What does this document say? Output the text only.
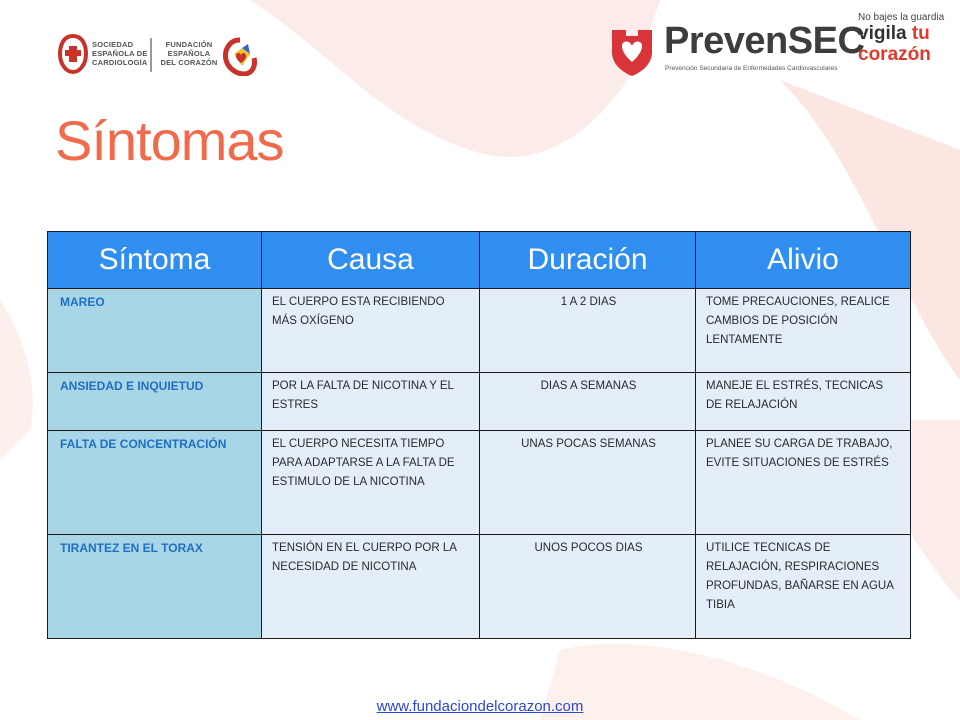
SOCIEDAD
ESPAÑOLA DE
CARDIOLOGÍA
FUNDACIÓN
ESPAÑOLA
DEL CORAZÓN
PrevenSEC
Prevención Secundaria de Enfermedades Cardiovasculares
No bajes la guardia
vigila tu
corazón
Síntomas
Síntoma	Causa	Duración	Alivio
MAREO	EL CUERPO ESTA RECIBIENDO MÁS OXÍGENO	1 A 2 DIAS	TOME PRECAUCIONES, REALICE CAMBIOS DE POSICIÓN LENTAMENTE
ANSIEDAD E INQUIETUD	POR LA FALTA DE NICOTINA Y EL ESTRES	DIAS A SEMANAS	MANEJE EL ESTRÉS, TECNICAS DE RELAJACIÓN
FALTA DE CONCENTRACIÓN	EL CUERPO NECESITA TIEMPO PARA ADAPTARSE A LA FALTA DE ESTIMULO DE LA NICOTINA	UNAS POCAS SEMANAS	PLANEE SU CARGA DE TRABAJO, EVITE SITUACIONES DE ESTRÉS
TIRANTEZ EN EL TORAX	TENSIÓN EN EL CUERPO POR LA NECESIDAD DE NICOTINA	UNOS POCOS DIAS	UTILICE TECNICAS DE RELAJACIÓN, RESPIRACIONES PROFUNDAS, BAÑARSE EN AGUA TIBIA
www.fundaciondelcorazon.com
